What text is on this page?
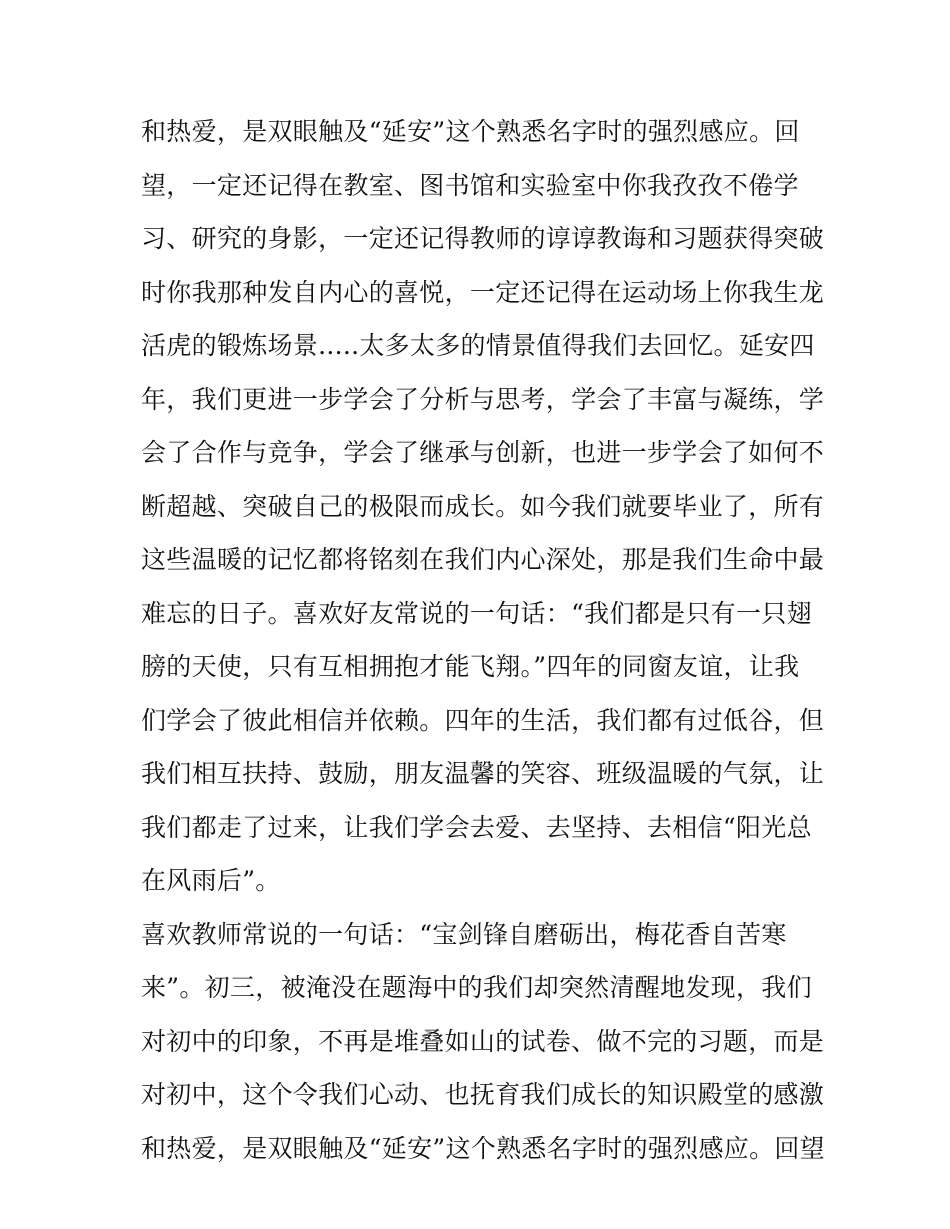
和热爱，是双眼触及“延安”这个熟悉名字时的强烈感应。回
望，一定还记得在教室、图书馆和实验室中你我孜孜不倦学
习、研究的身影，一定还记得教师的谆谆教诲和习题获得突破
时你我那种发自内心的喜悦，一定还记得在运动场上你我生龙
活虎的锻炼场景.....太多太多的情景值得我们去回忆。延安四
年，我们更进一步学会了分析与思考，学会了丰富与凝练，学
会了合作与竞争，学会了继承与创新，也进一步学会了如何不
断超越、突破自己的极限而成长。如今我们就要毕业了，所有
这些温暖的记忆都将铭刻在我们内心深处，那是我们生命中最
难忘的日子。喜欢好友常说的一句话：“我们都是只有一只翅
膀的天使，只有互相拥抱才能飞翔。”四年的同窗友谊，让我
们学会了彼此相信并依赖。四年的生活，我们都有过低谷，但
我们相互扶持、鼓励，朋友温馨的笑容、班级温暖的气氛，让
我们都走了过来，让我们学会去爱、去坚持、去相信“阳光总
在风雨后”。
喜欢教师常说的一句话：“宝剑锋自磨砺出，梅花香自苦寒
来”。初三，被淹没在题海中的我们却突然清醒地发现，我们
对初中的印象，不再是堆叠如山的试卷、做不完的习题，而是
对初中，这个令我们心动、也抚育我们成长的知识殿堂的感激
和热爱，是双眼触及“延安”这个熟悉名字时的强烈感应。回望
